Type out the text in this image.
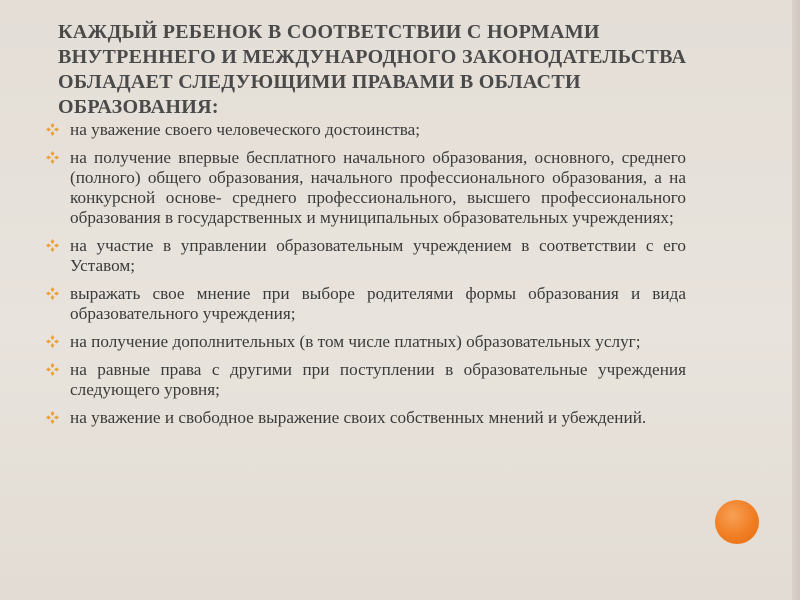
КАЖДЫЙ РЕБЕНОК В СООТВЕТСТВИИ С НОРМАМИ ВНУТРЕННЕГО И МЕЖДУНАРОДНОГО ЗАКОНОДАТЕЛЬСТВА ОБЛАДАЕТ СЛЕДУЮЩИМИ ПРАВАМИ В ОБЛАСТИ ОБРАЗОВАНИЯ:
на уважение своего человеческого достоинства;
на получение впервые бесплатного начального образования, основного, среднего (полного) общего образования, начального профессионального образования, а на конкурсной основе- среднего профессионального, высшего профессионального образования в государственных и муниципальных образовательных учреждениях;
на участие в управлении образовательным учреждением в соответствии с его Уставом;
выражать свое мнение при выборе родителями формы образования и вида образовательного учреждения;
на получение дополнительных (в том числе платных) образовательных услуг;
на равные права с другими при поступлении в образовательные учреждения следующего уровня;
на уважение и свободное выражение своих собственных мнений и убеждений.
